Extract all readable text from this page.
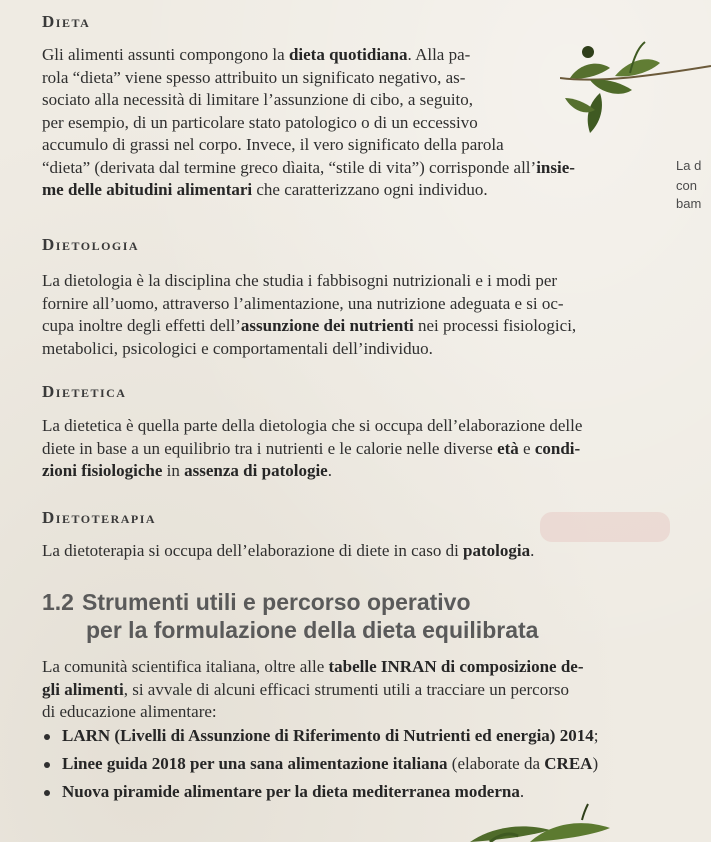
Dieta
Gli alimenti assunti compongono la dieta quotidiana. Alla pa-
rola “dieta” viene spesso attribuito un significato negativo, as-
sociato alla necessità di limitare l’assunzione di cibo, a seguito,
per esempio, di un particolare stato patologico o di un eccessivo
accumulo di grassi nel corpo. Invece, il vero significato della parola
“dieta” (derivata dal termine greco dìaita, “stile di vita”) corrisponde all’insie-
me delle abitudini alimentari che caratterizzano ogni individuo.
La d
con
bam
Dietologia
La dietologia è la disciplina che studia i fabbisogni nutrizionali e i modi per
fornire all’uomo, attraverso l’alimentazione, una nutrizione adeguata e si oc-
cupa inoltre degli effetti dell’assunzione dei nutrienti nei processi fisiologici,
metabolici, psicologici e comportamentali dell’individuo.
Dietetica
La dietetica è quella parte della dietologia che si occupa dell’elaborazione delle
diete in base a un equilibrio tra i nutrienti e le calorie nelle diverse età e condi-
zioni fisiologiche in assenza di patologie.
Dietoterapia
La dietoterapia si occupa dell’elaborazione di diete in caso di patologia.
1.2 Strumenti utili e percorso operativo
per la formulazione della dieta equilibrata
La comunità scientifica italiana, oltre alle tabelle INRAN di composizione de-
gli alimenti, si avvale di alcuni efficaci strumenti utili a tracciare un percorso
di educazione alimentare:
LARN (Livelli di Assunzione di Riferimento di Nutrienti ed energia) 2014;
Linee guida 2018 per una sana alimentazione italiana (elaborate da CREA)
Nuova piramide alimentare per la dieta mediterranea moderna.
